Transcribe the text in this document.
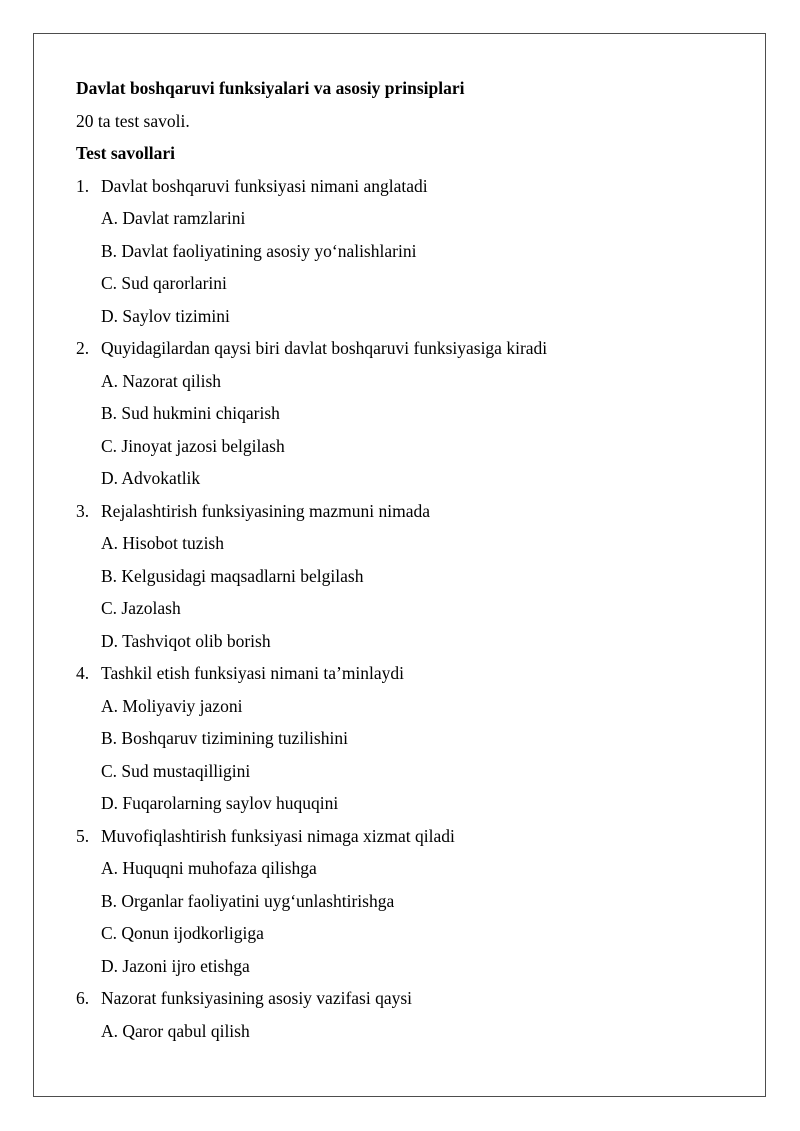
Davlat boshqaruvi funksiyalari va asosiy prinsiplari
20 ta test savoli.
Test savollari
1. Davlat boshqaruvi funksiyasi nimani anglatadi
A. Davlat ramzlarini
B. Davlat faoliyatining asosiy yo‘nalishlarini
C. Sud qarorlarini
D. Saylov tizimini
2. Quyidagilardan qaysi biri davlat boshqaruvi funksiyasiga kiradi
A. Nazorat qilish
B. Sud hukmini chiqarish
C. Jinoyat jazosi belgilash
D. Advokatlik
3. Rejalashtirish funksiyasining mazmuni nimada
A. Hisobot tuzish
B. Kelgusidagi maqsadlarni belgilash
C. Jazolash
D. Tashviqot olib borish
4. Tashkil etish funksiyasi nimani ta’minlaydi
A. Moliyaviy jazoni
B. Boshqaruv tizimining tuzilishini
C. Sud mustaqilligini
D. Fuqarolarning saylov huquqini
5. Muvofiqlashtirish funksiyasi nimaga xizmat qiladi
A. Huquqni muhofaza qilishga
B. Organlar faoliyatini uyg‘unlashtirishga
C. Qonun ijodkorligiga
D. Jazoni ijro etishga
6. Nazorat funksiyasining asosiy vazifasi qaysi
A. Qaror qabul qilish
